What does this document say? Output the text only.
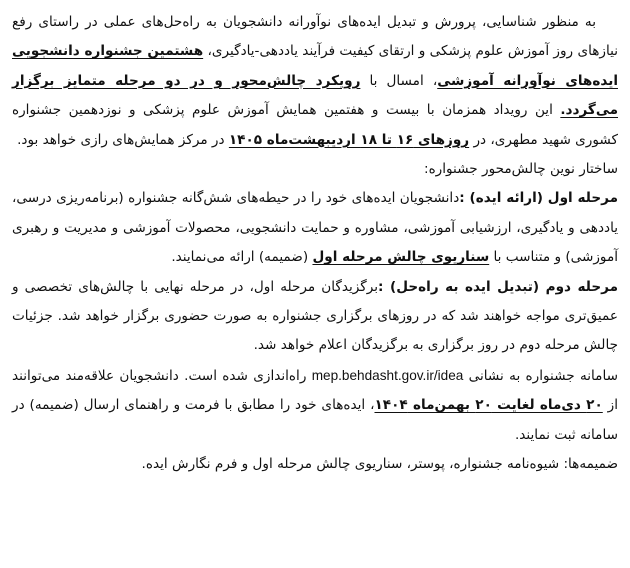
به منظور شناسایی، پرورش و تبدیل ایده‌های نوآورانه دانشجویان به راه‌حل‌های عملی در راستای رفع نیازهای روز آموزش علوم پزشکی و ارتقای کیفیت فرآیند یاددهی-یادگیری، هشتمین جشنواره دانشجویی ایده‌های نوآورانه آموزشی، امسال با رویکرد چالش‌محور و در دو مرحله متمایز برگزار می‌گردد. این رویداد همزمان با بیست و هفتمین همایش آموزش علوم پزشکی و نوزدهمین جشنواره کشوری شهید مطهری، در روزهای ۱۶ تا ۱۸ اردیبهشت‌ماه ۱۴۰۵ در مرکز همایش‌های رازی خواهد بود.

ساختار نوین چالش‌محور جشنواره:

مرحله اول (ارائه ایده) :دانشجویان ایده‌های خود را در حیطه‌های شش‌گانه جشنواره (برنامه‌ریزی درسی، یاددهی و یادگیری، ارزشیابی آموزشی، مشاوره و حمایت دانشجویی، محصولات آموزشی و مدیریت و رهبری آموزشی) و متناسب با سناریوی چالش مرحله اول (ضمیمه) ارائه می‌نمایند.

مرحله دوم (تبدیل ایده به راه‌حل) :برگزیدگان مرحله اول، در مرحله نهایی با چالش‌های تخصصی و عمیق‌تری مواجه خواهند شد که در روزهای برگزاری جشنواره به صورت حضوری برگزار خواهد شد. جزئیات چالش مرحله دوم در روز برگزاری به برگزیدگان اعلام خواهد شد.

سامانه جشنواره به نشانی mep.behdasht.gov.ir/idea راه‌اندازی شده است. دانشجویان علاقه‌مند می‌توانند از ۲۰ دی‌ماه لغایت ۲۰ بهمن‌ماه ۱۴۰۴، ایده‌های خود را مطابق با فرمت و راهنمای ارسال (ضمیمه) در سامانه ثبت نمایند.

ضمیمه‌ها: شیوه‌نامه جشنواره، پوستر، سناریوی چالش مرحله اول و فرم نگارش ایده.
